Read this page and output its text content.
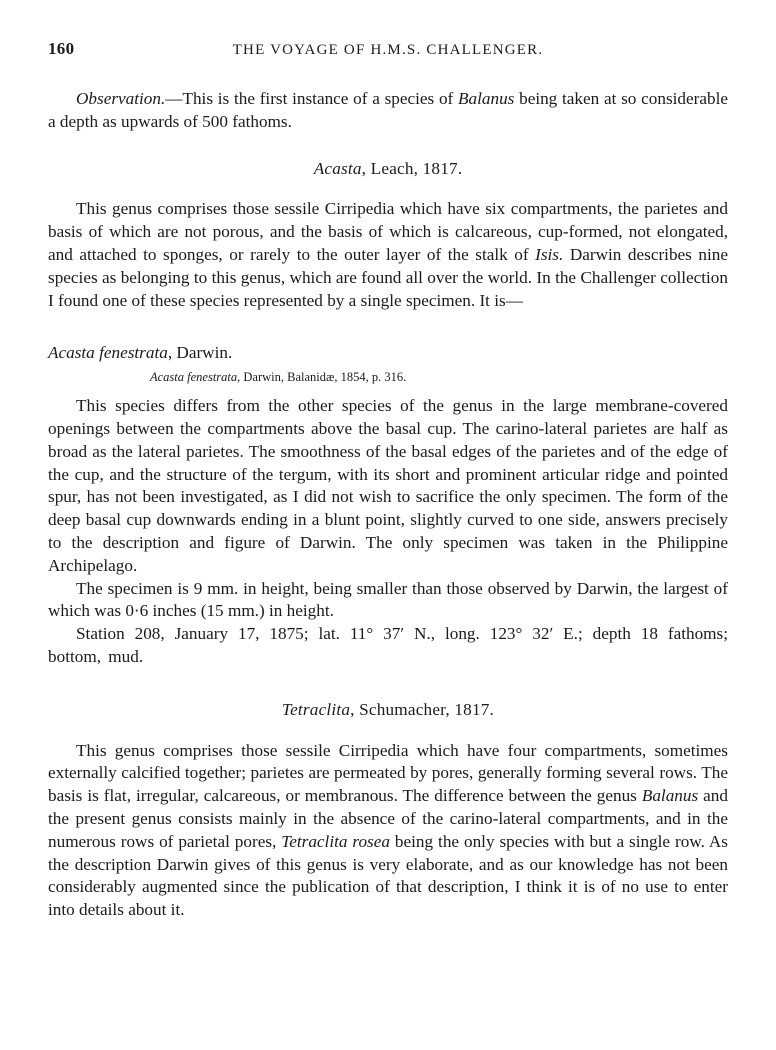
160	THE VOYAGE OF H.M.S. CHALLENGER.

Observation.—This is the first instance of a species of Balanus being taken at so considerable a depth as upwards of 500 fathoms.

Acasta, Leach, 1817.

This genus comprises those sessile Cirripedia which have six compartments, the parietes and basis of which are not porous, and the basis of which is calcareous, cup-formed, not elongated, and attached to sponges, or rarely to the outer layer of the stalk of Isis. Darwin describes nine species as belonging to this genus, which are found all over the world. In the Challenger collection I found one of these species represented by a single specimen. It is—

Acasta fenestrata, Darwin.
Acasta fenestrata, Darwin, Balanidæ, 1854, p. 316.

This species differs from the other species of the genus in the large membrane-covered openings between the compartments above the basal cup. The carino-lateral parietes are half as broad as the lateral parietes. The smoothness of the basal edges of the parietes and of the edge of the cup, and the structure of the tergum, with its short and prominent articular ridge and pointed spur, has not been investigated, as I did not wish to sacrifice the only specimen. The form of the deep basal cup downwards ending in a blunt point, slightly curved to one side, answers precisely to the description and figure of Darwin. The only specimen was taken in the Philippine Archipelago.

The specimen is 9 mm. in height, being smaller than those observed by Darwin, the largest of which was 0·6 inches (15 mm.) in height.

Station 208, January 17, 1875; lat. 11° 37′ N., long. 123° 32′ E.; depth 18 fathoms; bottom, mud.

Tetraclita, Schumacher, 1817.

This genus comprises those sessile Cirripedia which have four compartments, sometimes externally calcified together; parietes are permeated by pores, generally forming several rows. The basis is flat, irregular, calcareous, or membranous. The difference between the genus Balanus and the present genus consists mainly in the absence of the carino-lateral compartments, and in the numerous rows of parietal pores, Tetraclita rosea being the only species with but a single row. As the description Darwin gives of this genus is very elaborate, and as our knowledge has not been considerably augmented since the publication of that description, I think it is of no use to enter into details about it.
